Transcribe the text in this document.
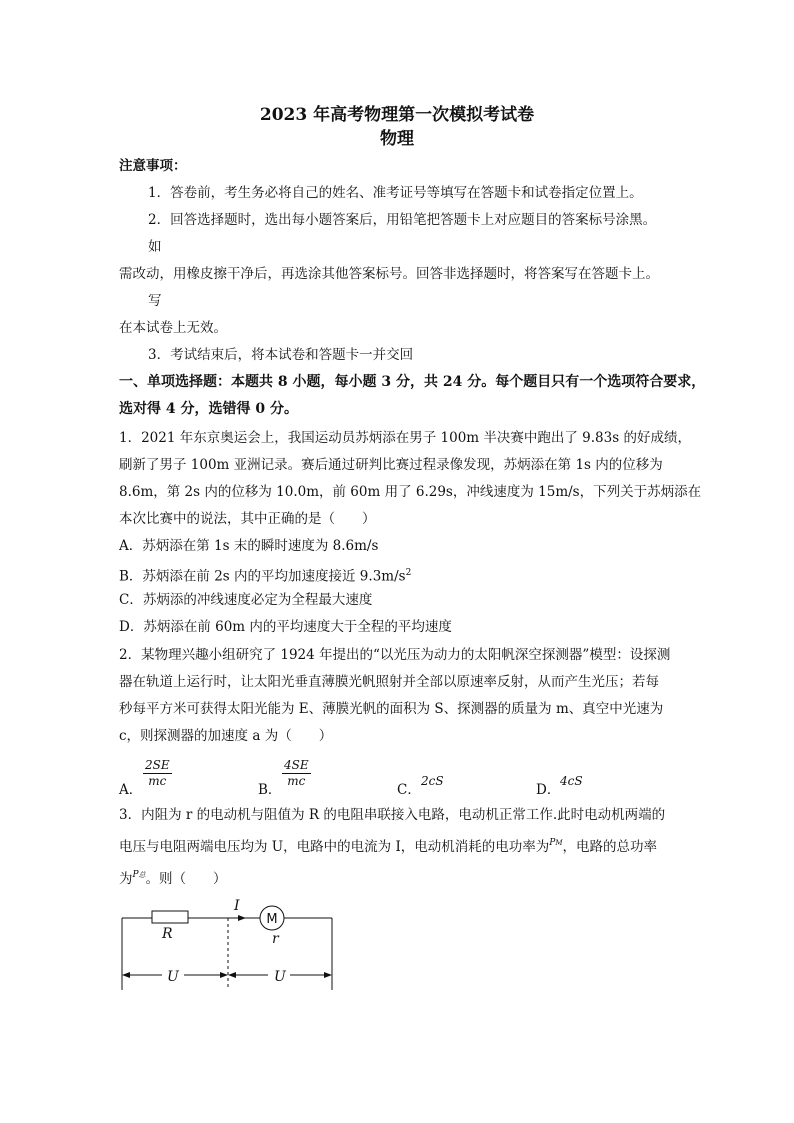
2023 年高考物理第一次模拟考试卷
物理
注意事项：
1．答卷前，考生务必将自己的姓名、准考证号等填写在答题卡和试卷指定位置上。
2．回答选择题时，选出每小题答案后，用铅笔把答题卡上对应题目的答案标号涂黑。
如
需改动，用橡皮擦干净后，再选涂其他答案标号。回答非选择题时，将答案写在答题卡上。
写
在本试卷上无效。
3．考试结束后，将本试卷和答题卡一并交回
一、单项选择题：本题共 8 小题，每小题 3 分，共 24 分。每个题目只有一个选项符合要求，
选对得 4 分，选错得 0 分。
1．2021 年东京奥运会上，我国运动员苏炳添在男子 100m 半决赛中跑出了 9.83s 的好成绩，
刷新了男子 100m 亚洲记录。赛后通过研判比赛过程录像发现，苏炳添在第 1s 内的位移为
8.6m，第 2s 内的位移为 10.0m，前 60m 用了 6.29s，冲线速度为 15m/s，下列关于苏炳添在
本次比赛中的说法，其中正确的是（　　）
A．苏炳添在第 1s 末的瞬时速度为 8.6m/s
B．苏炳添在前 2s 内的平均加速度接近 $9.3m/s^2$
C．苏炳添的冲线速度必定为全程最大速度
D．苏炳添在前 60m 内的平均速度大于全程的平均速度
2．某物理兴趣小组研究了 1924 年提出的“以光压为动力的太阳帆深空探测器”模型：设探测
器在轨道上运行时，让太阳光垂直薄膜光帆照射并全部以原速率反射，从而产生光压；若每
秒每平方米可获得太阳光能为 E、薄膜光帆的面积为 S、探测器的质量为 m、真空中光速为
c，则探测器的加速度 a 为（　　）
A．
$\frac{2SE}{mc}$
B．
$\frac{4SE}{mc}$
C．
2cS
D．
4cS
3．内阻为 r 的电动机与阻值为 R 的电阻串联接入电路，电动机正常工作.此时电动机两端的
电压与电阻两端电压均为 U，电路中的电流为 I，电动机消耗的电功率为$^{PM}$，电路的总功率
为$^{P总}$。则（　　）
I
R	r
U	U
M
